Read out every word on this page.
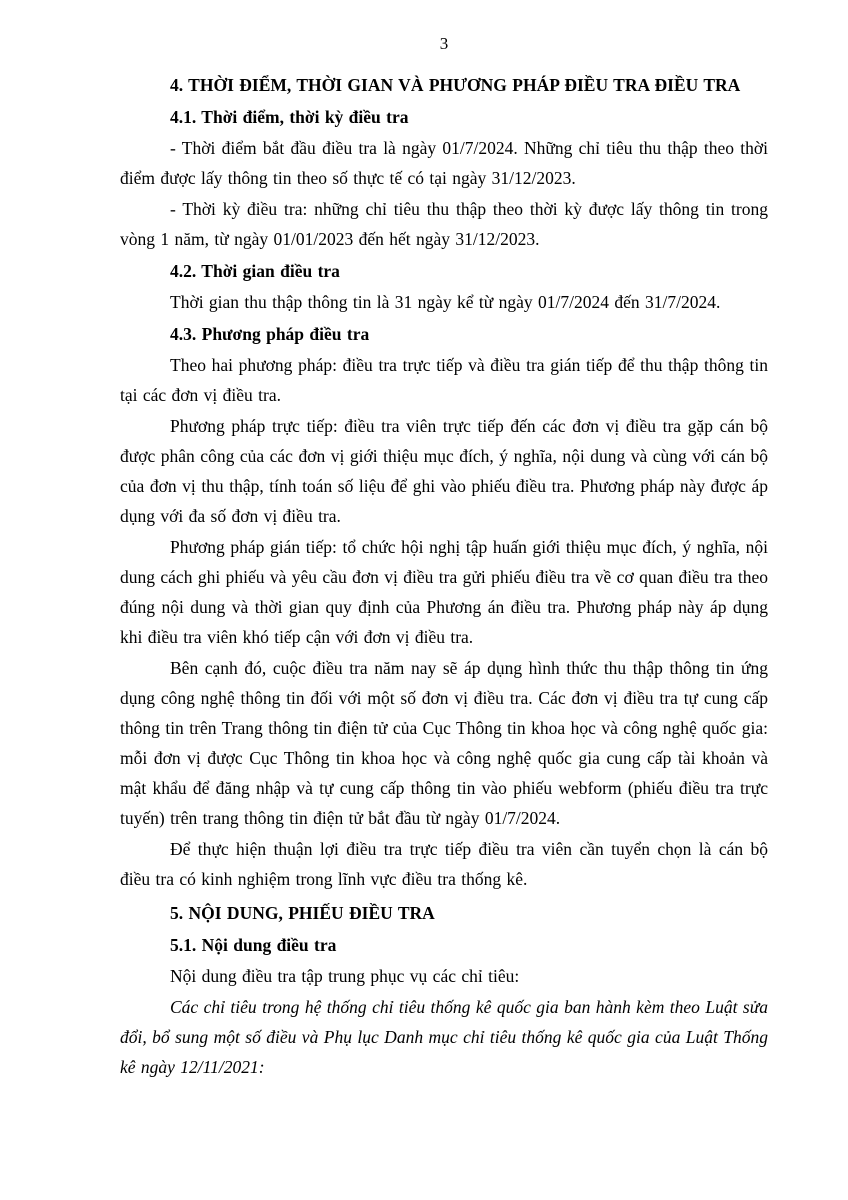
3

4. THỜI ĐIỂM, THỜI GIAN VÀ PHƯƠNG PHÁP ĐIỀU TRA ĐIỀU TRA

4.1. Thời điểm, thời kỳ điều tra

- Thời điểm bắt đầu điều tra là ngày 01/7/2024. Những chỉ tiêu thu thập theo thời điểm được lấy thông tin theo số thực tế có tại ngày 31/12/2023.

- Thời kỳ điều tra: những chỉ tiêu thu thập theo thời kỳ được lấy thông tin trong vòng 1 năm, từ ngày 01/01/2023 đến hết ngày 31/12/2023.

4.2. Thời gian điều tra

Thời gian thu thập thông tin là 31 ngày kể từ ngày 01/7/2024 đến 31/7/2024.

4.3. Phương pháp điều tra

Theo hai phương pháp: điều tra trực tiếp và điều tra gián tiếp để thu thập thông tin tại các đơn vị điều tra.

Phương pháp trực tiếp: điều tra viên trực tiếp đến các đơn vị điều tra gặp cán bộ được phân công của các đơn vị giới thiệu mục đích, ý nghĩa, nội dung và cùng với cán bộ của đơn vị thu thập, tính toán số liệu để ghi vào phiếu điều tra. Phương pháp này được áp dụng với đa số đơn vị điều tra.

Phương pháp gián tiếp: tổ chức hội nghị tập huấn giới thiệu mục đích, ý nghĩa, nội dung cách ghi phiếu và yêu cầu đơn vị điều tra gửi phiếu điều tra về cơ quan điều tra theo đúng nội dung và thời gian quy định của Phương án điều tra. Phương pháp này áp dụng khi điều tra viên khó tiếp cận với đơn vị điều tra.

Bên cạnh đó, cuộc điều tra năm nay sẽ áp dụng hình thức thu thập thông tin ứng dụng công nghệ thông tin đối với một số đơn vị điều tra. Các đơn vị điều tra tự cung cấp thông tin trên Trang thông tin điện tử của Cục Thông tin khoa học và công nghệ quốc gia: mỗi đơn vị được Cục Thông tin khoa học và công nghệ quốc gia cung cấp tài khoản và mật khẩu để đăng nhập và tự cung cấp thông tin vào phiếu webform (phiếu điều tra trực tuyến) trên trang thông tin điện tử bắt đầu từ ngày 01/7/2024.

Để thực hiện thuận lợi điều tra trực tiếp điều tra viên cần tuyển chọn là cán bộ điều tra có kinh nghiệm trong lĩnh vực điều tra thống kê.

5. NỘI DUNG, PHIẾU ĐIỀU TRA

5.1. Nội dung điều tra

Nội dung điều tra tập trung phục vụ các chỉ tiêu:

Các chỉ tiêu trong hệ thống chỉ tiêu thống kê quốc gia ban hành kèm theo Luật sửa đổi, bổ sung một số điều và Phụ lục Danh mục chỉ tiêu thống kê quốc gia của Luật Thống kê ngày 12/11/2021:
